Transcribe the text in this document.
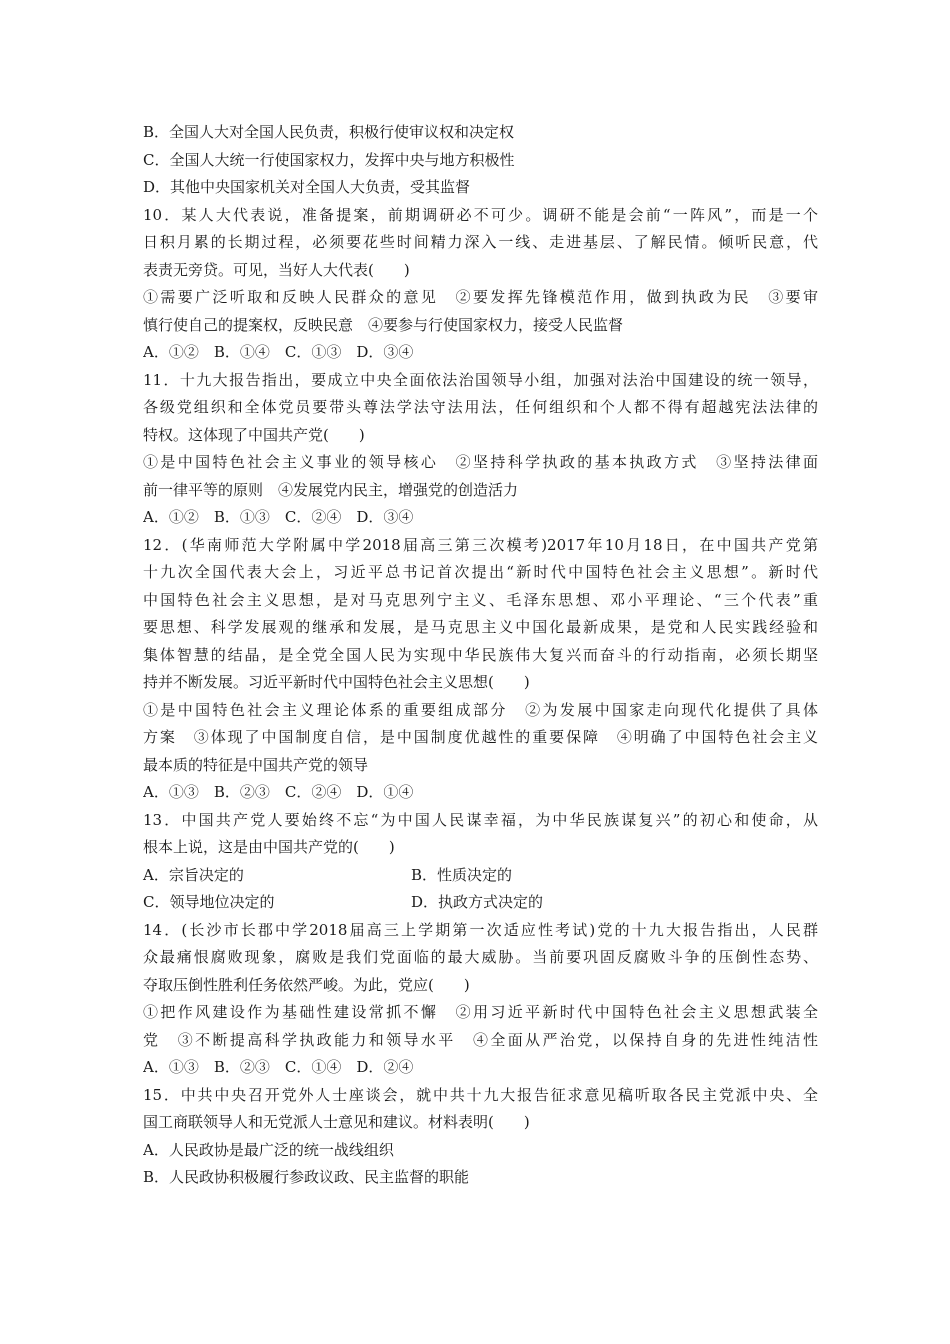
B．全国人大对全国人民负责，积极行使审议权和决定权
C．全国人大统一行使国家权力，发挥中央与地方积极性
D．其他中央国家机关对全国人大负责，受其监督
10．某人大代表说，准备提案，前期调研必不可少。调研不能是会前“一阵风”，而是一个
日积月累的长期过程，必须要花些时间精力深入一线、走进基层、了解民情。倾听民意，代
表责无旁贷。可见，当好人大代表(　　)
①需要广泛听取和反映人民群众的意见　②要发挥先锋模范作用，做到执政为民　③要审
慎行使自己的提案权，反映民意　④要参与行使国家权力，接受人民监督
A．①②　B．①④　C．①③　D．③④
11．十九大报告指出，要成立中央全面依法治国领导小组，加强对法治中国建设的统一领导，
各级党组织和全体党员要带头尊法学法守法用法，任何组织和个人都不得有超越宪法法律的
特权。这体现了中国共产党(　　)
①是中国特色社会主义事业的领导核心　②坚持科学执政的基本执政方式　③坚持法律面
前一律平等的原则　④发展党内民主，增强党的创造活力
A．①②　B．①③　C．②④　D．③④
12．(华南师范大学附属中学2018届高三第三次模考)2017年10月18日，在中国共产党第
十九次全国代表大会上，习近平总书记首次提出“新时代中国特色社会主义思想”。新时代
中国特色社会主义思想，是对马克思列宁主义、毛泽东思想、邓小平理论、“三个代表”重
要思想、科学发展观的继承和发展，是马克思主义中国化最新成果，是党和人民实践经验和
集体智慧的结晶，是全党全国人民为实现中华民族伟大复兴而奋斗的行动指南，必须长期坚
持并不断发展。习近平新时代中国特色社会主义思想(　　)
①是中国特色社会主义理论体系的重要组成部分　②为发展中国家走向现代化提供了具体
方案　③体现了中国制度自信，是中国制度优越性的重要保障　④明确了中国特色社会主义
最本质的特征是中国共产党的领导
A．①③　B．②③　C．②④　D．①④
13．中国共产党人要始终不忘“为中国人民谋幸福，为中华民族谋复兴”的初心和使命，从
根本上说，这是由中国共产党的(　　)
A．宗旨决定的	B．性质决定的
C．领导地位决定的	D．执政方式决定的
14．(长沙市长郡中学2018届高三上学期第一次适应性考试)党的十九大报告指出，人民群
众最痛恨腐败现象，腐败是我们党面临的最大威胁。当前要巩固反腐败斗争的压倒性态势、
夺取压倒性胜利任务依然严峻。为此，党应(　　)
①把作风建设作为基础性建设常抓不懈　②用习近平新时代中国特色社会主义思想武装全
党　③不断提高科学执政能力和领导水平　④全面从严治党，以保持自身的先进性纯洁性
A．①③　B．②③　C．①④　D．②④
15．中共中央召开党外人士座谈会，就中共十九大报告征求意见稿听取各民主党派中央、全
国工商联领导人和无党派人士意见和建议。材料表明(　　)
A．人民政协是最广泛的统一战线组织
B．人民政协积极履行参政议政、民主监督的职能
